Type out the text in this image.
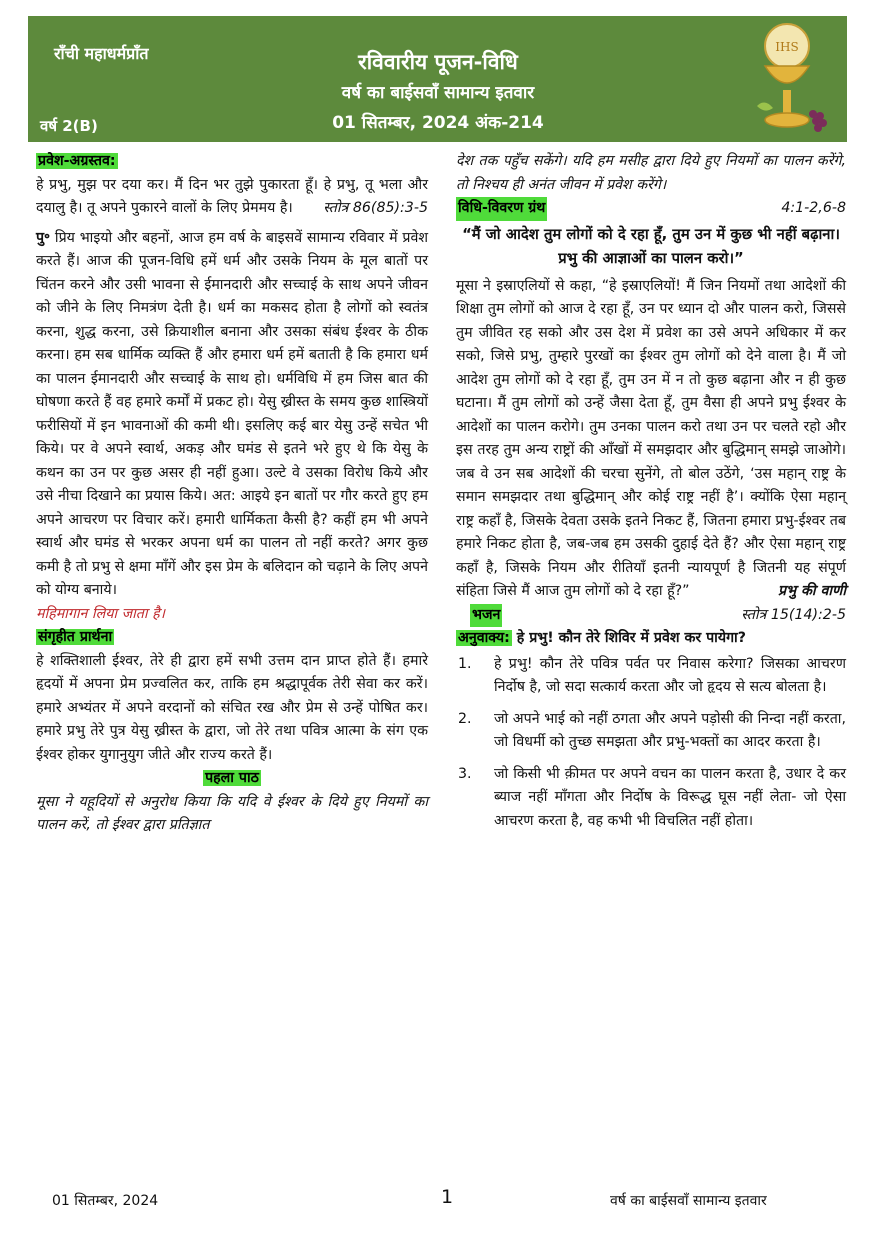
राँची महाधर्मप्राँत
वर्ष 2(B)
रविवारीय पूजन-विधि
वर्ष का बाईसवाँ सामान्य इतवार
01 सितम्बर, 2024 अंक-214
IHS

प्रवेश-अग्रस्तव:
हे प्रभु, मुझ पर दया कर। मैं दिन भर तुझे पुकारता हूँ। हे प्रभु, तू भला और दयालु है। तू अपने पुकारने वालों के लिए प्रेममय है। स्तोत्र 86(85):3-5

पु॰ प्रिय भाइयो और बहनों, आज हम वर्ष के बाइसवें सामान्य रविवार में प्रवेश करते हैं। आज की पूजन-विधि हमें धर्म और उसके नियम के मूल बातों पर चिंतन करने और उसी भावना से ईमानदारी और सच्चाई के साथ अपने जीवन को जीने के लिए निमत्रंण देती है। धर्म का मकसद होता है लोगों को स्वतंत्र करना, शुद्ध करना, उसे क्रियाशील बनाना और उसका संबंध ईश्वर के ठीक करना। हम सब धार्मिक व्यक्ति हैं और हमारा धर्म हमें बताती है कि हमारा धर्म का पालन ईमानदारी और सच्चाई के साथ हो। धर्मविधि में हम जिस बात की घोषणा करते हैं वह हमारे कर्मों में प्रकट हो। येसु ख्रीस्त के समय कुछ शास्त्रियों फरीसियों में इन भावनाओं की कमी थी। इसलिए कई बार येसु उन्हें सचेत भी किये। पर वे अपने स्वार्थ, अकड़ और घमंड से इतने भरे हुए थे कि येसु के कथन का उन पर कुछ असर ही नहीं हुआ। उल्टे वे उसका विरोध किये और उसे नीचा दिखाने का प्रयास किये। अत: आइये इन बातों पर गौर करते हुए हम अपने आचरण पर विचार करें। हमारी धार्मिकता कैसी है? कहीं हम भी अपने स्वार्थ और घमंड से भरकर अपना धर्म का पालन तो नहीं करते? अगर कुछ कमी है तो प्रभु से क्षमा माँगें और इस प्रेम के बलिदान को चढ़ाने के लिए अपने को योग्य बनाये।

महिमागान लिया जाता है।

संगृहीत प्रार्थना
हे शक्तिशाली ईश्वर, तेरे ही द्वारा हमें सभी उत्तम दान प्राप्त होते हैं। हमारे हृदयों में अपना प्रेम प्रज्वलित कर, ताकि हम श्रद्धापूर्वक तेरी सेवा कर करें। हमारे अभ्यंतर में अपने वरदानों को संचित रख और प्रेम से उन्हें पोषित कर। हमारे प्रभु तेरे पुत्र येसु ख्रीस्त के द्वारा, जो तेरे तथा पवित्र आत्मा के संग एक ईश्वर होकर युगानुयुग जीते और राज्य करते हैं।

पहला पाठ

मूसा ने यहूदियों से अनुरोध किया कि यदि वे ईश्वर के दिये हुए नियमों का पालन करें, तो ईश्वर द्वारा प्रतिज्ञात

देश तक पहुँच सकेंगे। यदि हम मसीह द्वारा दिये हुए नियमों का पालन करेंगे, तो निश्चय ही अनंत जीवन में प्रवेश करेंगे।

विधि-विवरण ग्रंथ	4:1-2,6-8
“मैं जो आदेश तुम लोगों को दे रहा हूँ, तुम उन में कुछ भी नहीं बढ़ाना। प्रभु की आज्ञाओं का पालन करो।”

मूसा ने इस्राएलियों से कहा, “हे इस्राएलियों! मैं जिन नियमों तथा आदेशों की शिक्षा तुम लोगों को आज दे रहा हूँ, उन पर ध्यान दो और पालन करो, जिससे तुम जीवित रह सको और उस देश में प्रवेश का उसे अपने अधिकार में कर सको, जिसे प्रभु, तुम्हारे पुरखों का ईश्वर तुम लोगों को देने वाला है। मैं जो आदेश तुम लोगों को दे रहा हूँ, तुम उन में न तो कुछ बढ़ाना और न ही कुछ घटाना। मैं तुम लोगों को उन्हें जैसा देता हूँ, तुम वैसा ही अपने प्रभु ईश्वर के आदेशों का पालन करोगे। तुम उनका पालन करो तथा उन पर चलते रहो और इस तरह तुम अन्य राष्ट्रों की आँखों में समझदार और बुद्धिमान् समझे जाओगे। जब वे उन सब आदेशों की चरचा सुनेंगे, तो बोल उठेंगे, ‘उस महान् राष्ट्र के समान समझदार तथा बुद्धिमान् और कोई राष्ट्र नहीं है’। क्योंकि ऐसा महान् राष्ट्र कहाँ है, जिसके देवता उसके इतने निकट हैं, जितना हमारा प्रभु-ईश्वर तब हमारे निकट होता है, जब-जब हम उसकी दुहाई देते हैं? और ऐसा महान् राष्ट्र कहाँ है, जिसके नियम और रीतियाँ इतनी न्यायपूर्ण है जितनी यह संपूर्ण संहिता जिसे मैं आज तुम लोगों को दे रहा हूँ?”	प्रभु की वाणी

भजन	स्तोत्र 15(14):2-5

अनुवाक्य: हे प्रभु! कौन तेरे शिविर में प्रवेश कर पायेगा?

1. हे प्रभु! कौन तेरे पवित्र पर्वत पर निवास करेगा? जिसका आचरण निर्दोष है, जो सदा सत्कार्य करता और जो हृदय से सत्य बोलता है।
2. जो अपने भाई को नहीं ठगता और अपने पड़ोसी की निन्दा नहीं करता, जो विधर्मी को तुच्छ समझता और प्रभु-भक्तों का आदर करता है।
3. जो किसी भी क़ीमत पर अपने वचन का पालन करता है, उधार दे कर ब्याज नहीं माँगता और निर्दोष के विरूद्ध घूस नहीं लेता- जो ऐसा आचरण करता है, वह कभी भी विचलित नहीं होता।
01 सितम्बर, 2024	1	वर्ष का बाईसवाँ सामान्य इतवार
